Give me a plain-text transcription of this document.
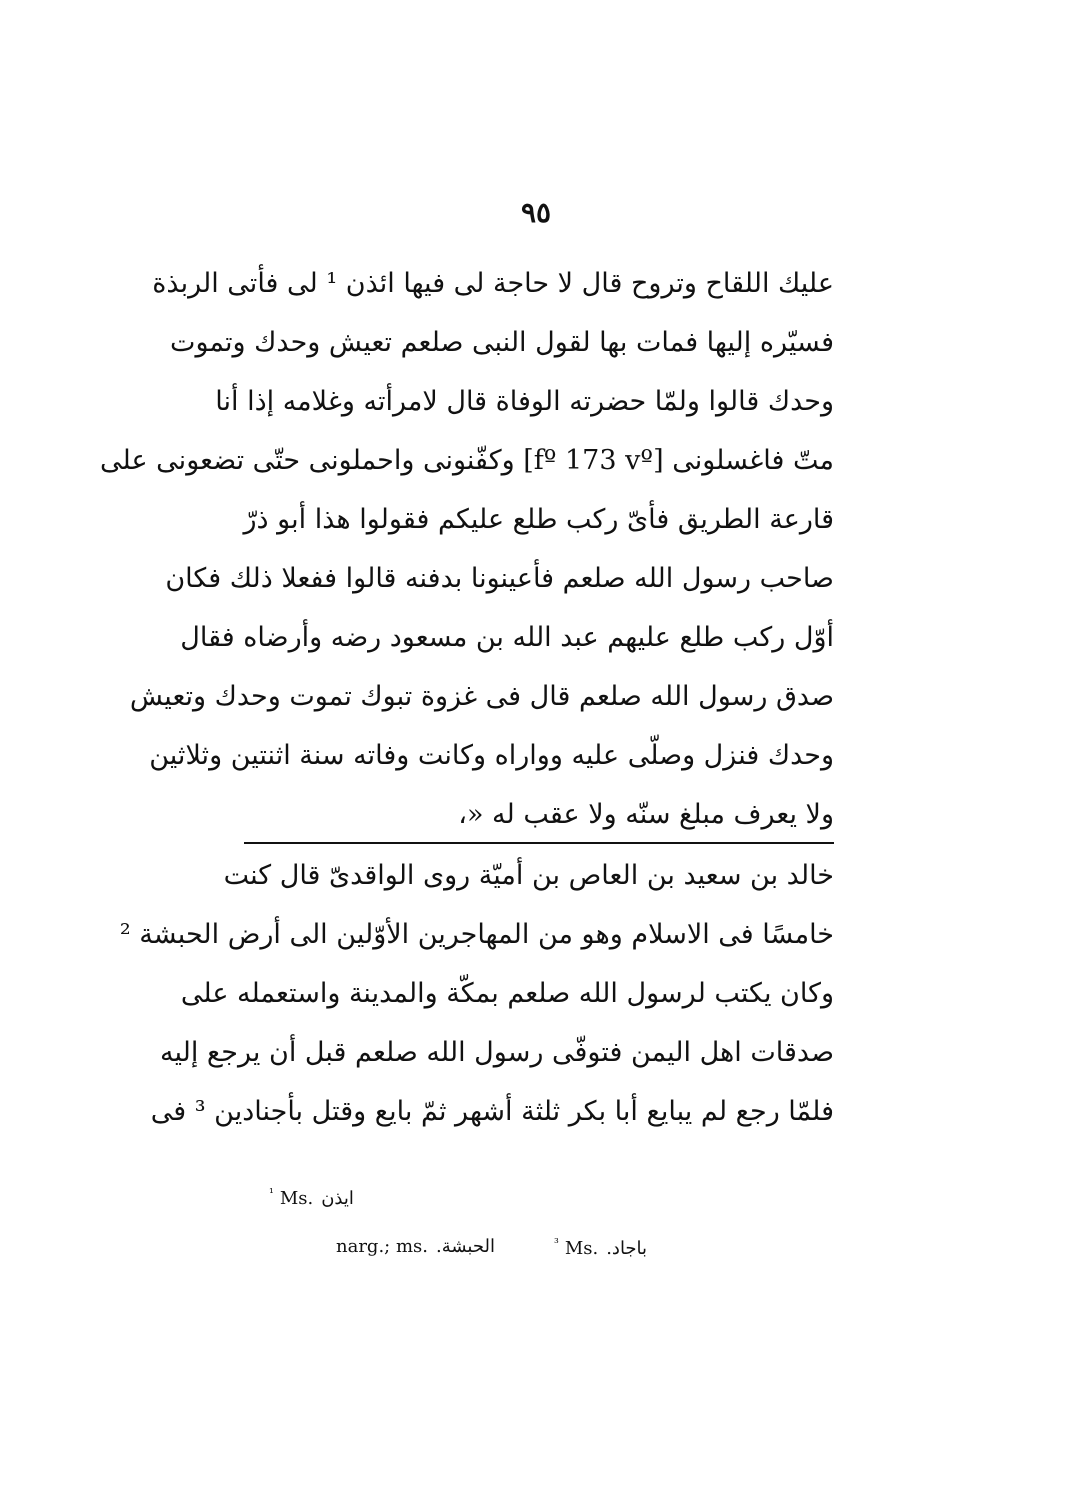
٩٥
عليك اللقاح وتروح قال لا حاجة لى فيها ائذن ¹ لى فأتى الربذة
فسيّره إليها فمات بها لقول النبى صلعم تعيش وحدك وتموت
وحدك قالوا ولمّا حضرته الوفاة قال لامرأته وغلامه إذا أنا
متّ فاغسلونى [fº 173 vº] وكفّنونى واحملونى حتّى تضعونى على
قارعة الطريق فأىّ ركب طلع عليكم فقولوا هذا أبو ذرّ
صاحب رسول الله صلعم فأعينونا بدفنه قالوا ففعلا ذلك فكان
أوّل ركب طلع عليهم عبد الله بن مسعود رضه وأرضاه فقال
صدق رسول الله صلعم قال فى غزوة تبوك تموت وحدك وتعيش
وحدك فنزل وصلّى عليه وواراه وكانت وفاته سنة اثنتين وثلاثين
ولا يعرف مبلغ سنّه ولا عقب له «،
خالد بن سعيد بن العاص بن أميّة روى الواقدىّ قال كنت
خامسًا فى الاسلام وهو من المهاجرين الأوّلين الى أرض الحبشة ²
وكان يكتب لرسول الله صلعم بمكّة والمدينة واستعمله على
صدقات اهل اليمن فتوفّى رسول الله صلعم قبل أن يرجع إليه
فلمّا رجع لم يبايع أبا بكر ثلثة أشهر ثمّ بايع وقتل بأجنادين ³ فى
$^{^1}$ Ms. ايذن
narg.; ms. الحبشة.	$^{^3}$ Ms. باجاد.
